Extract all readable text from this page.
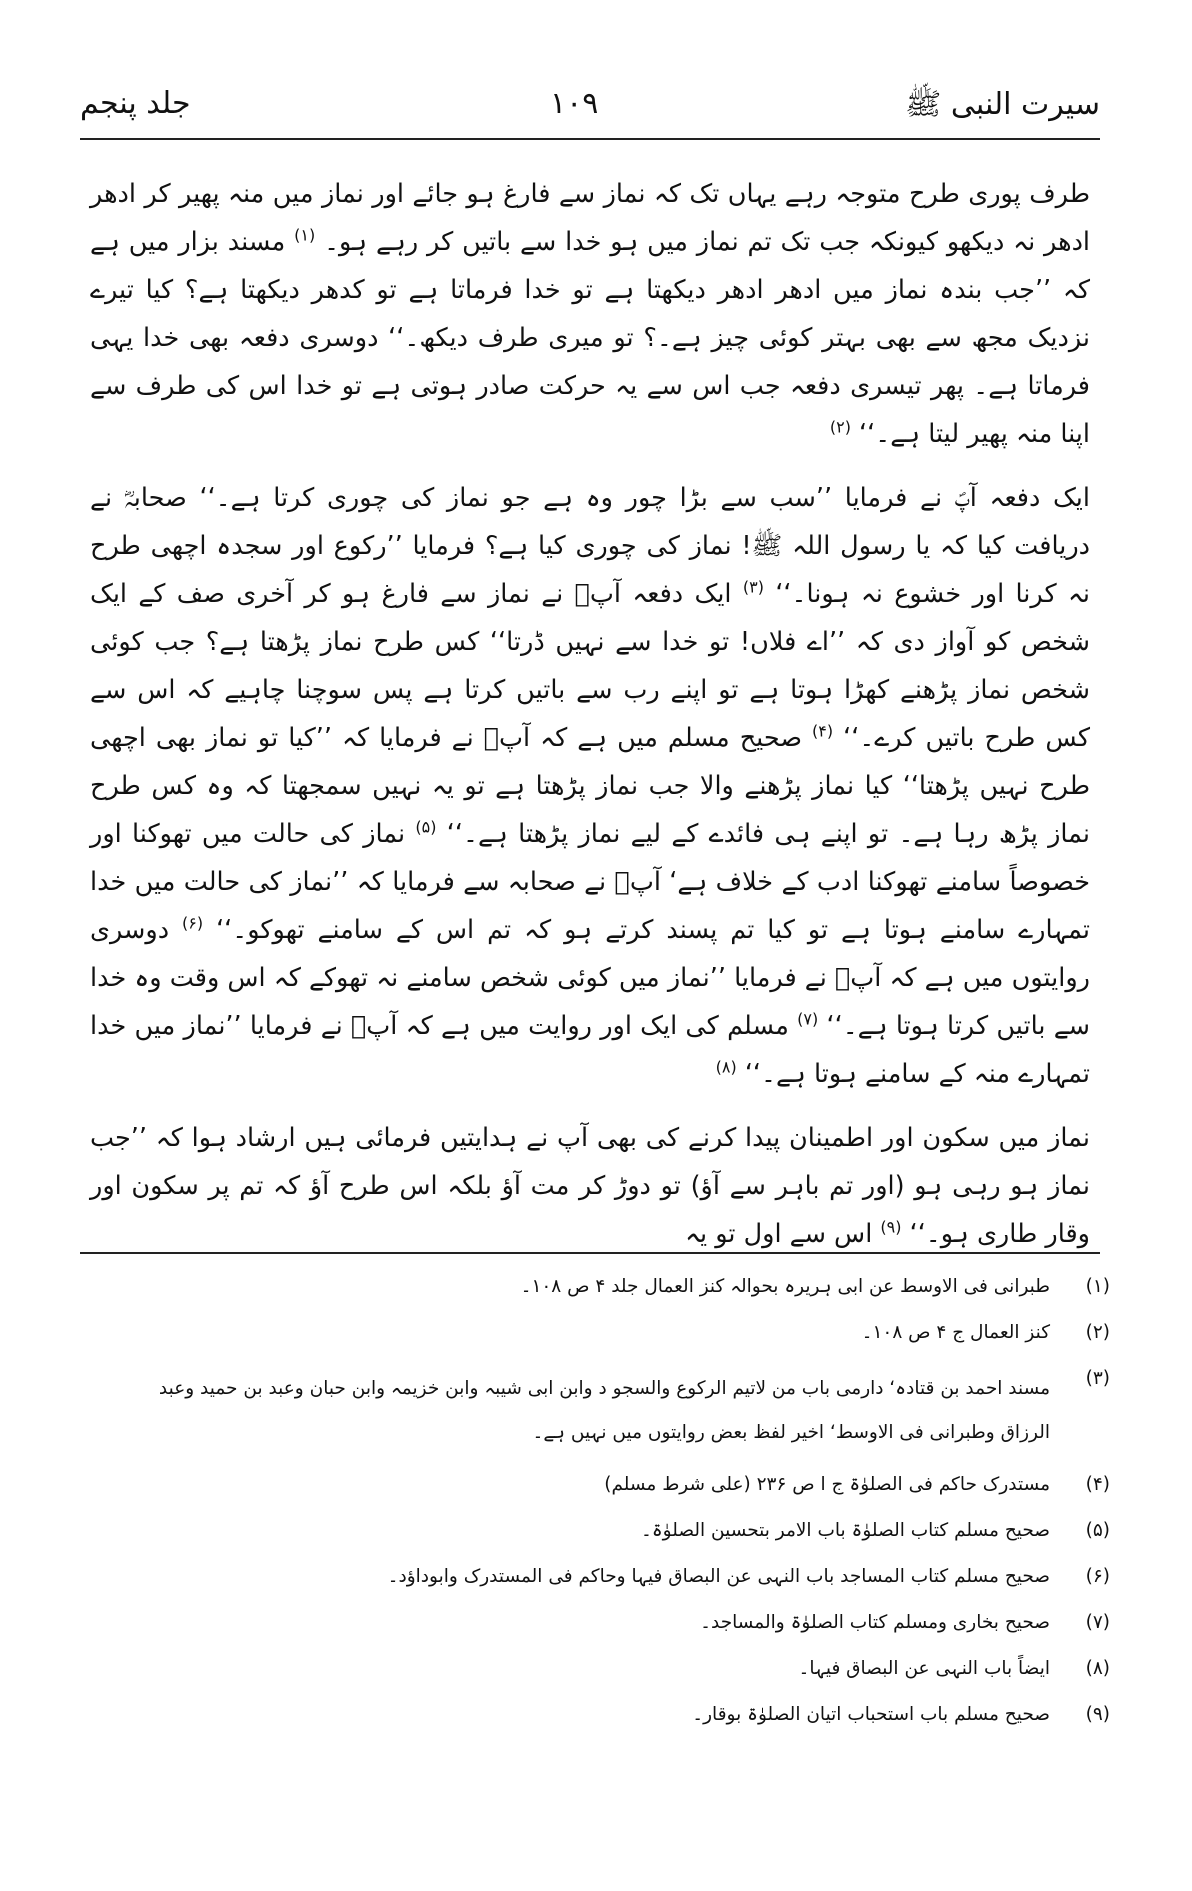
سیرت النبی ﷺ
۱۰۹
جلد پنجم

طرف پوری طرح متوجہ رہے یہاں تک کہ نماز سے فارغ ہو جائے اور نماز میں منہ پھیر کر ادھر ادھر نہ دیکھو کیونکہ جب تک تم نماز میں ہو خدا سے باتیں کر رہے ہو۔ $^{(۱)}$ مسند بزار میں ہے کہ ’’جب بندہ نماز میں ادھر ادھر دیکھتا ہے تو خدا فرماتا ہے تو کدھر دیکھتا ہے؟ کیا تیرے نزدیک مجھ سے بھی بہتر کوئی چیز ہے۔؟ تو میری طرف دیکھ۔‘‘ دوسری دفعہ بھی خدا یہی فرماتا ہے۔ پھر تیسری دفعہ جب اس سے یہ حرکت صادر ہوتی ہے تو خدا اس کی طرف سے اپنا منہ پھیر لیتا ہے۔‘‘ $^{(۲)}$

ایک دفعہ آپؐ نے فرمایا ’’سب سے بڑا چور وہ ہے جو نماز کی چوری کرتا ہے۔‘‘ صحابہؓ نے دریافت کیا کہ یا رسول اللہ ﷺ! نماز کی چوری کیا ہے؟ فرمایا ’’رکوع اور سجدہ اچھی طرح نہ کرنا اور خشوع نہ ہونا۔‘‘ $^{(۳)}$ ایک دفعہ آپؐ نے نماز سے فارغ ہو کر آخری صف کے ایک شخص کو آواز دی کہ ’’اے فلاں! تو خدا سے نہیں ڈرتا‘‘ کس طرح نماز پڑھتا ہے؟ جب کوئی شخص نماز پڑھنے کھڑا ہوتا ہے تو اپنے رب سے باتیں کرتا ہے پس سوچنا چاہیے کہ اس سے کس طرح باتیں کرے۔‘‘ $^{(۴)}$ صحیح مسلم میں ہے کہ آپؐ نے فرمایا کہ ’’کیا تو نماز بھی اچھی طرح نہیں پڑھتا‘‘ کیا نماز پڑھنے والا جب نماز پڑھتا ہے تو یہ نہیں سمجھتا کہ وہ کس طرح نماز پڑھ رہا ہے۔ تو اپنے ہی فائدے کے لیے نماز پڑھتا ہے۔‘‘ $^{(۵)}$ نماز کی حالت میں تھوکنا اور خصوصاً سامنے تھوکنا ادب کے خلاف ہے‘ آپؐ نے صحابہ سے فرمایا کہ ’’نماز کی حالت میں خدا تمہارے سامنے ہوتا ہے تو کیا تم پسند کرتے ہو کہ تم اس کے سامنے تھوکو۔‘‘ $^{(۶)}$ دوسری روایتوں میں ہے کہ آپؐ نے فرمایا ’’نماز میں کوئی شخص سامنے نہ تھوکے کہ اس وقت وہ خدا سے باتیں کرتا ہوتا ہے۔‘‘ $^{(۷)}$ مسلم کی ایک اور روایت میں ہے کہ آپؐ نے فرمایا ’’نماز میں خدا تمہارے منہ کے سامنے ہوتا ہے۔‘‘ $^{(۸)}$

نماز میں سکون اور اطمینان پیدا کرنے کی بھی آپ نے ہدایتیں فرمائی ہیں ارشاد ہوا کہ ’’جب نماز ہو رہی ہو (اور تم باہر سے آؤ) تو دوڑ کر مت آؤ بلکہ اس طرح آؤ کہ تم پر سکون اور وقار طاری ہو۔‘‘ $^{(۹)}$ اس سے اول تو یہ

(۱)
طبرانی فی الاوسط عن ابی ہریرہ بحوالہ کنز العمال جلد ۴ ص ۱۰۸۔
(۲)
کنز العمال ج ۴ ص ۱۰۸۔
(۳)
مسند احمد بن قتادہ‘ دارمی باب من لاتیم الرکوع والسجو د وابن ابی شیبہ وابن خزیمہ وابن حبان وعبد بن حمید وعبد الرزاق وطبرانی فی الاوسط‘ اخیر لفظ بعض روایتوں میں نہیں ہے۔
(۴)
مستدرک حاکم فی الصلوٰۃ ج ا ص ۲۳۶ (علی شرط مسلم)
(۵)
صحیح مسلم کتاب الصلوٰۃ باب الامر بتحسین الصلوٰۃ۔
(۶)
صحیح مسلم کتاب المساجد باب النہی عن البصاق فیہا وحاکم فی المستدرک وابوداؤد۔
(۷)
صحیح بخاری ومسلم کتاب الصلوٰۃ والمساجد۔
(۸)
ایضاً باب النہی عن البصاق فیہا۔
(۹)
صحیح مسلم باب استحباب اتیان الصلوٰۃ بوقار۔
